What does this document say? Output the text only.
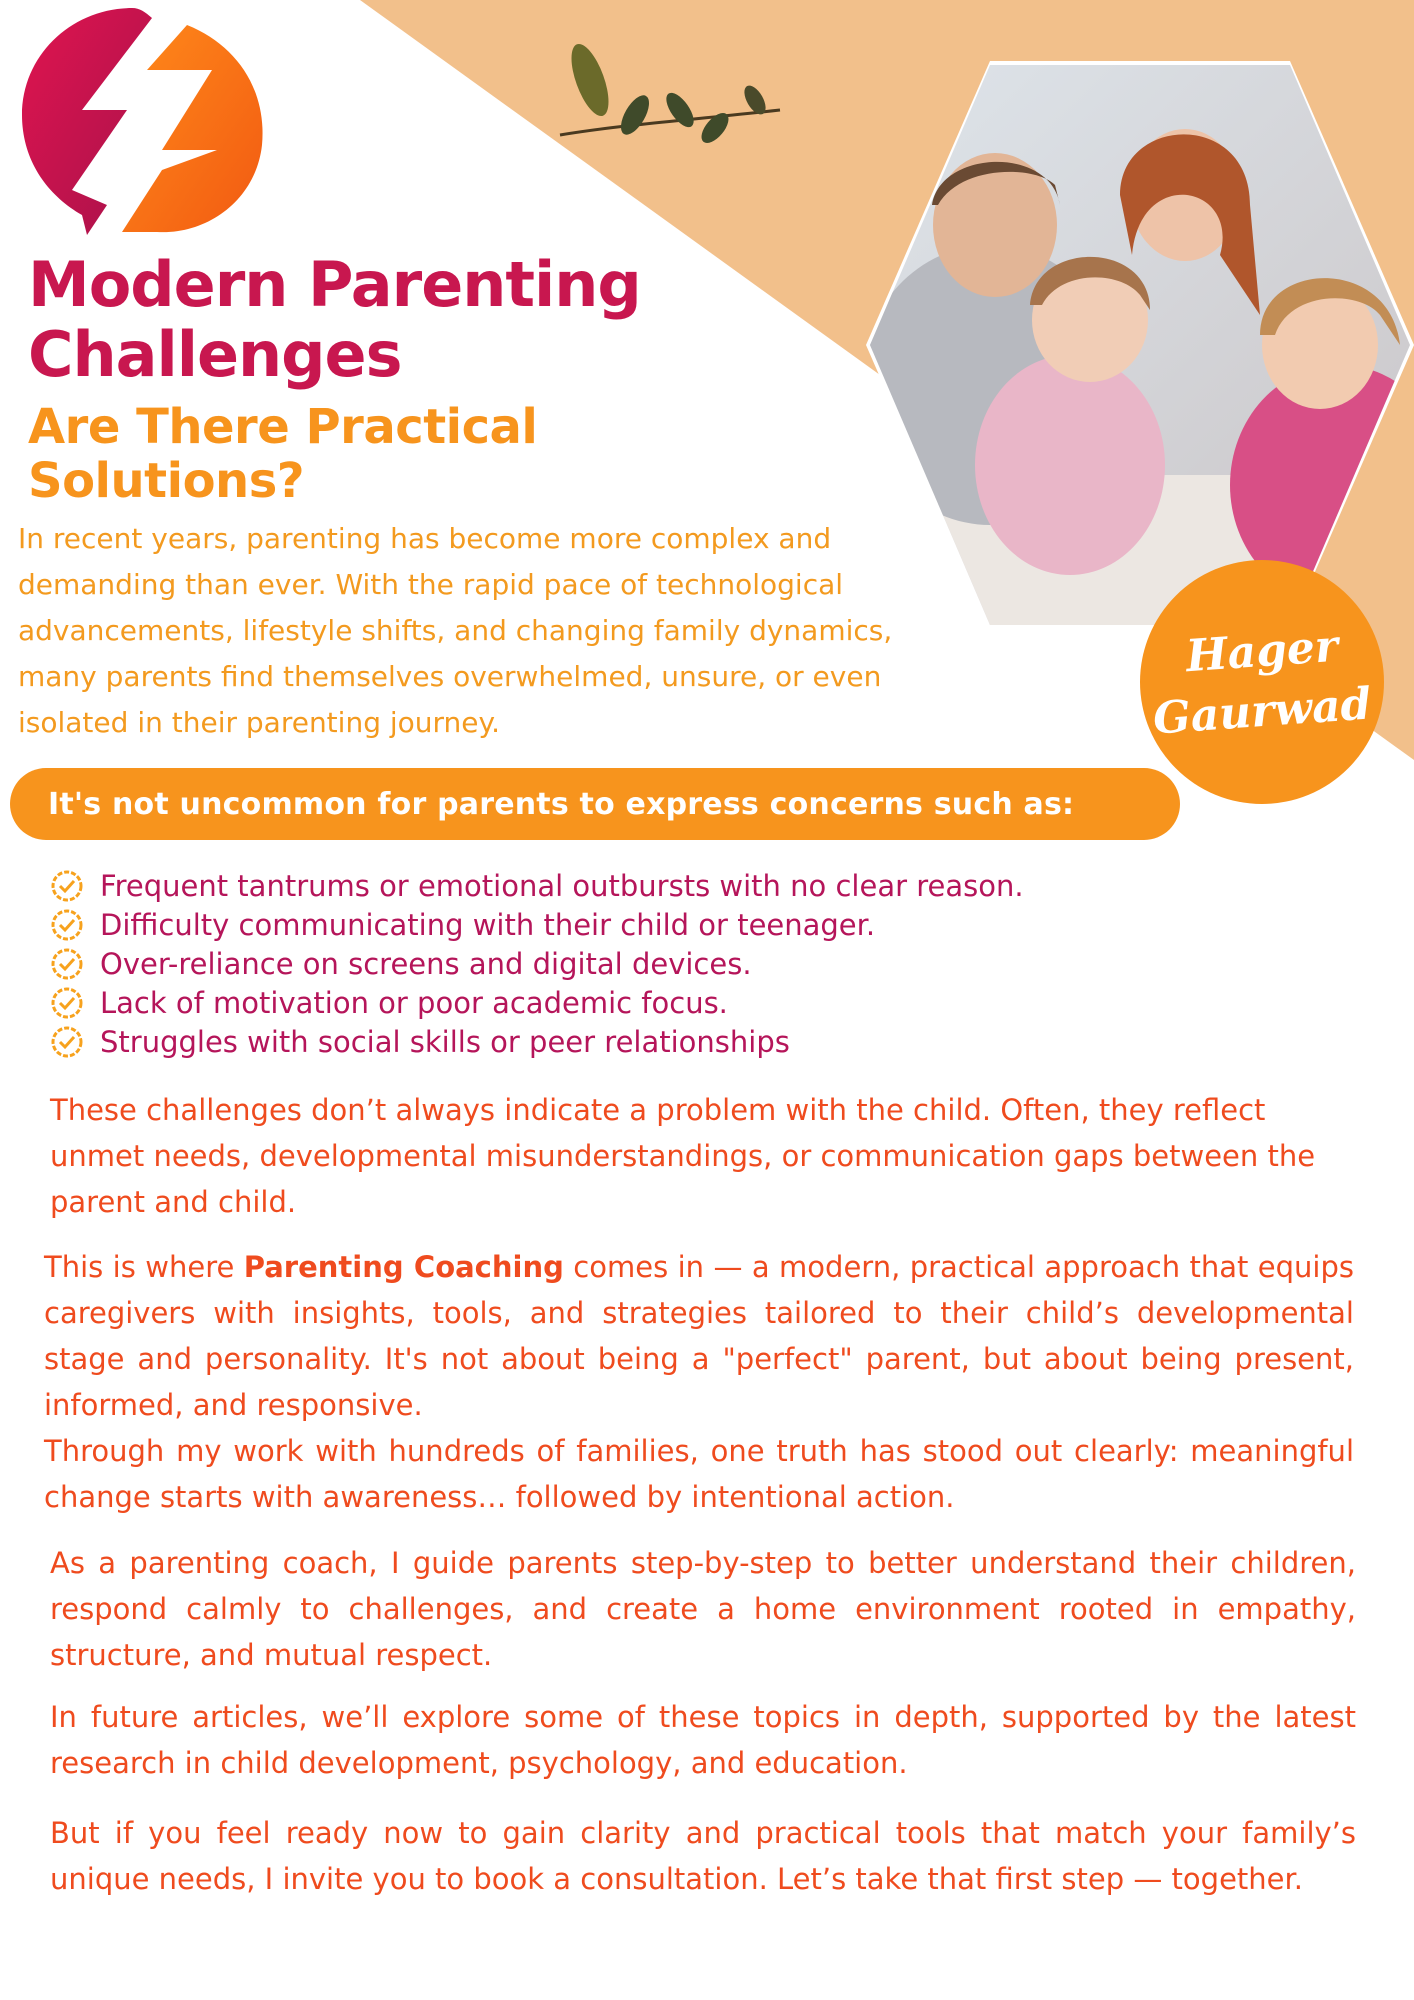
Hager
Gaurwad
Modern Parenting Challenges
Are There Practical Solutions?

In recent years, parenting has become more complex and demanding than ever. With the rapid pace of technological advancements, lifestyle shifts, and changing family dynamics, many parents find themselves overwhelmed, unsure, or even isolated in their parenting journey.

It's not uncommon for parents to express concerns such as:
Frequent tantrums or emotional outbursts with no clear reason.
Difficulty communicating with their child or teenager.
Over-reliance on screens and digital devices.
Lack of motivation or poor academic focus.
Struggles with social skills or peer relationships

These challenges don’t always indicate a problem with the child. Often, they reflect unmet needs, developmental misunderstandings, or communication gaps between the parent and child.

This is where Parenting Coaching comes in — a modern, practical approach that equips caregivers with insights, tools, and strategies tailored to their child’s developmental stage and personality. It's not about being a "perfect" parent, but about being present, informed, and responsive.
Through my work with hundreds of families, one truth has stood out clearly: meaningful change starts with awareness… followed by intentional action.

As a parenting coach, I guide parents step-by-step to better understand their children, respond calmly to challenges, and create a home environment rooted in empathy, structure, and mutual respect.

In future articles, we’ll explore some of these topics in depth, supported by the latest research in child development, psychology, and education.

But if you feel ready now to gain clarity and practical tools that match your family’s unique needs, I invite you to book a consultation. Let’s take that first step — together.
